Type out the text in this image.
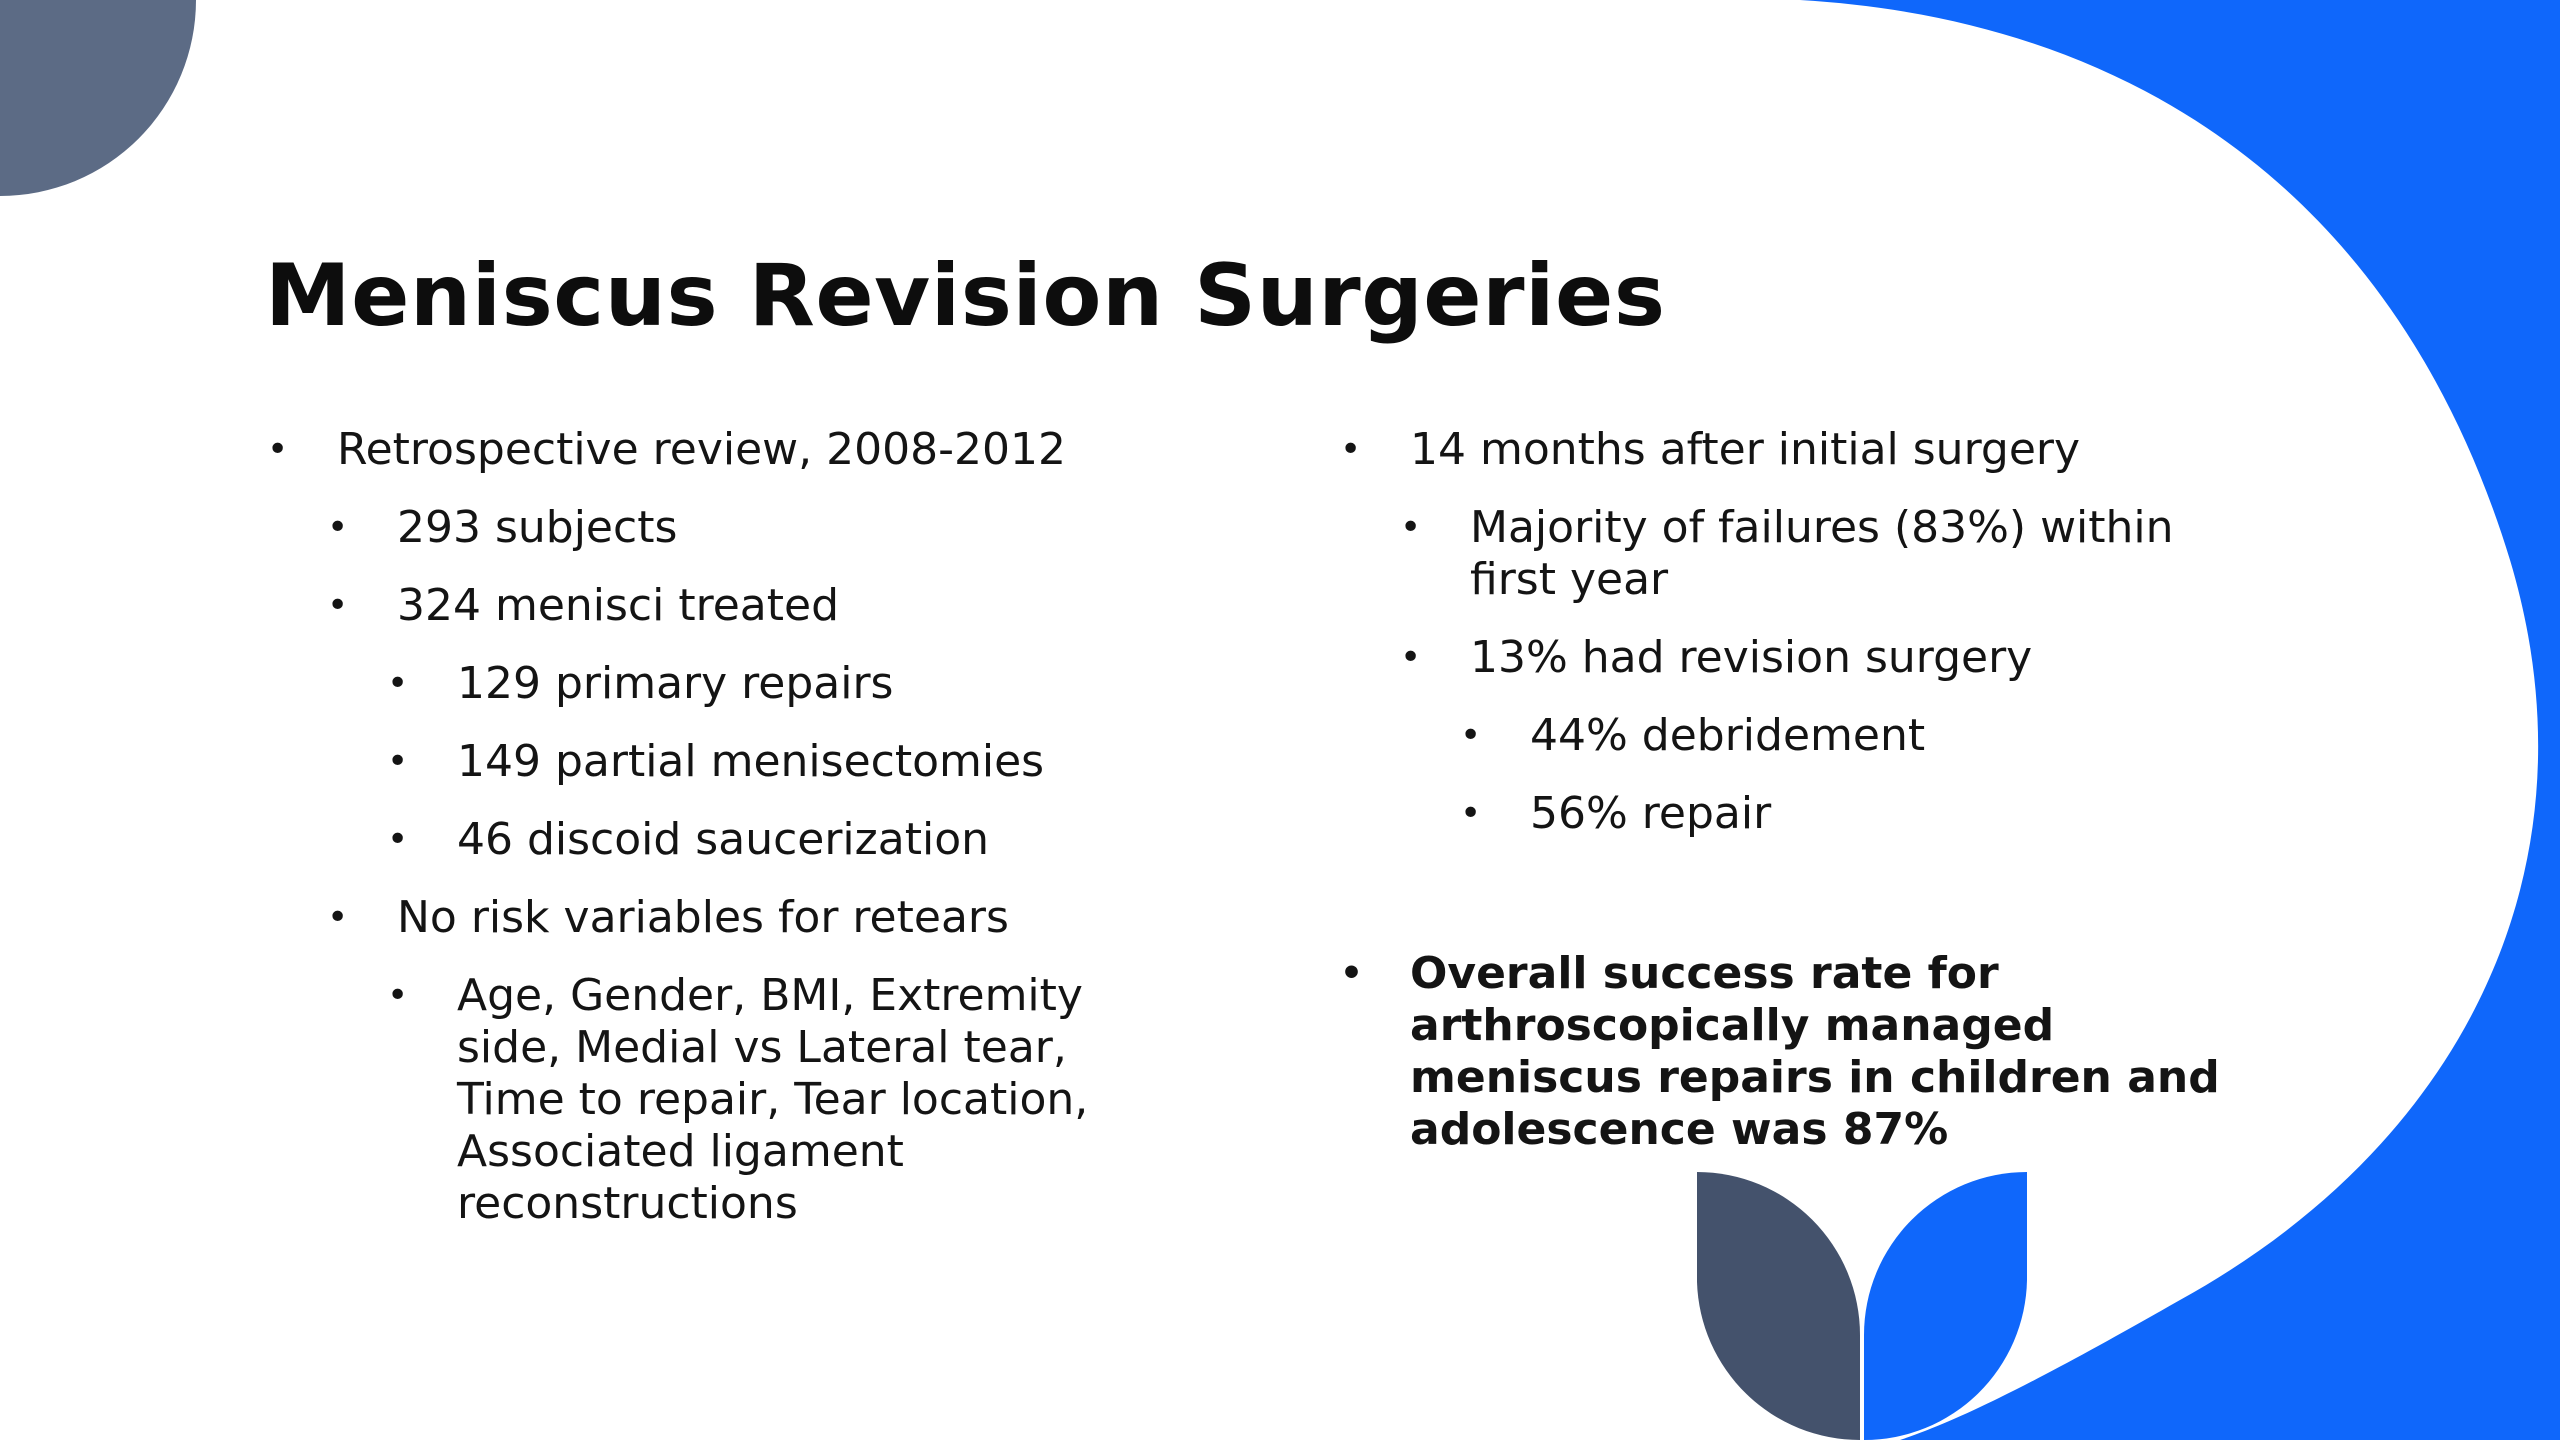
Meniscus Revision Surgeries
• Retrospective review, 2008-2012
• 293 subjects
• 324 menisci treated
• 129 primary repairs
• 149 partial menisectomies
• 46 discoid saucerization
• No risk variables for retears
• Age, Gender, BMI, Extremity side, Medial vs Lateral tear, Time to repair, Tear location, Associated ligament reconstructions
• 14 months after initial surgery
• Majority of failures (83%) within first year
• 13% had revision surgery
• 44% debridement
• 56% repair
• Overall success rate for arthroscopically managed meniscus repairs in children and adolescence was 87%
